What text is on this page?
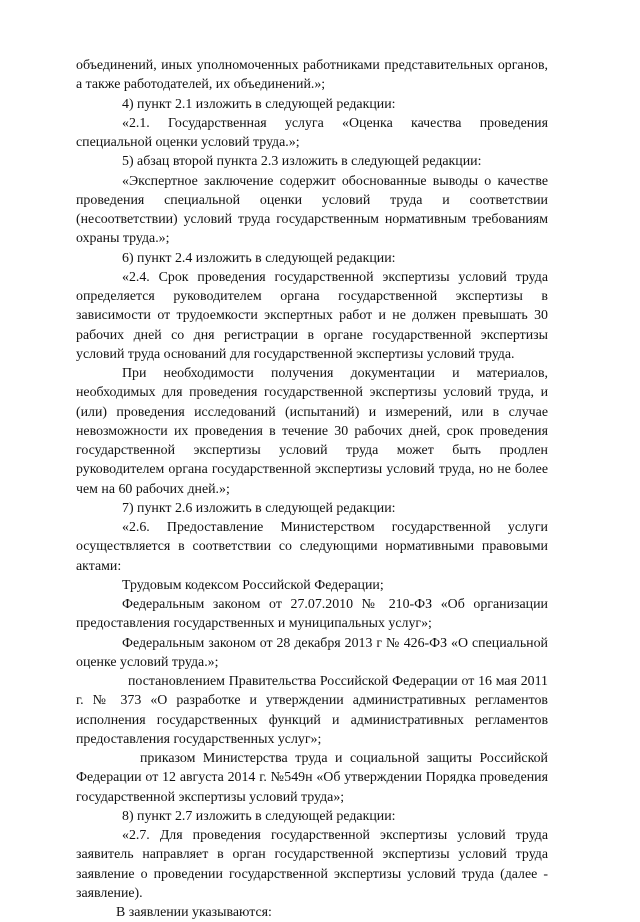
объединений, иных уполномоченных работниками представительных органов, а также работодателей, их объединений.»;

4) пункт 2.1 изложить в следующей редакции:

«2.1. Государственная услуга «Оценка качества проведения специальной оценки условий труда.»;

5) абзац второй пункта 2.3 изложить в следующей редакции:

«Экспертное заключение содержит обоснованные выводы о качестве проведения специальной оценки условий труда и соответствии (несоответствии) условий труда государственным нормативным требованиям охраны труда.»;

6) пункт 2.4 изложить в следующей редакции:

«2.4. Срок проведения государственной экспертизы условий труда определяется руководителем органа государственной экспертизы в зависимости от трудоемкости экспертных работ и не должен превышать 30 рабочих дней со дня регистрации в органе государственной экспертизы условий труда оснований для государственной экспертизы условий труда.

При необходимости получения документации и материалов, необходимых для проведения государственной экспертизы условий труда, и (или) проведения исследований (испытаний) и измерений, или в случае невозможности их проведения в течение 30 рабочих дней, срок проведения государственной экспертизы условий труда может быть продлен руководителем органа государственной экспертизы условий труда, но не более чем на 60 рабочих дней.»;

7) пункт 2.6 изложить в следующей редакции:

«2.6. Предоставление Министерством государственной услуги осуществляется в соответствии со следующими нормативными правовыми актами:

Трудовым кодексом Российской Федерации;

Федеральным законом от 27.07.2010 № 210-ФЗ «Об организации предоставления государственных и муниципальных услуг»;

Федеральным законом от 28 декабря 2013 г № 426-ФЗ «О специальной оценке условий труда.»;

постановлением Правительства Российской Федерации от 16 мая 2011 г. № 373 «О разработке и утверждении административных регламентов исполнения государственных функций и административных регламентов предоставления государственных услуг»;

приказом Министерства труда и социальной защиты Российской Федерации от 12 августа 2014 г. №549н «Об утверждении Порядка проведения государственной экспертизы условий труда»;

8) пункт 2.7 изложить в следующей редакции:

«2.7. Для проведения государственной экспертизы условий труда заявитель направляет в орган государственной экспертизы условий труда заявление о проведении государственной экспертизы условий труда (далее - заявление).

В заявлении указываются:
